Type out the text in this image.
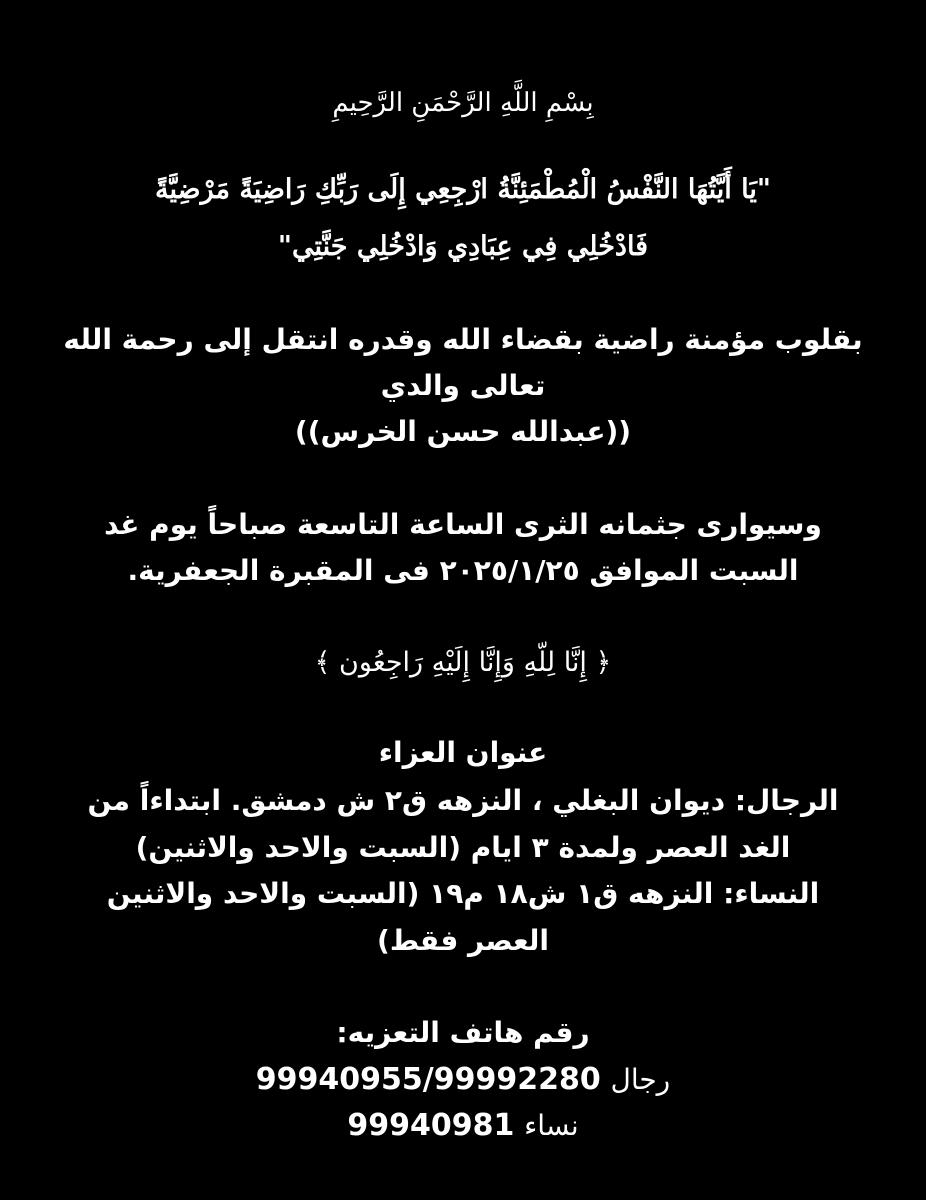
بِسْمِ اللَّهِ الرَّحْمَنِ الرَّحِيمِ
"يَا أَيَّتُهَا النَّفْسُ الْمُطْمَئِنَّةُ ارْجِعِي إِلَى رَبِّكِ رَاضِيَةً مَرْضِيَّةً
فَادْخُلِي فِي عِبَادِي وَادْخُلِي جَنَّتِي"
بقلوب مؤمنة راضية بقضاء الله وقدره انتقل إلى رحمة الله
تعالى والدي
((عبدالله حسن الخرس))
وسيوارى جثمانه الثرى الساعة التاسعة صباحاً يوم غد
السبت الموافق ٢٠٢٥/١/٢٥ فى المقبرة الجعفرية.
﴿ إِنَّا لِلّهِ وَإِنَّا إِلَيْهِ رَاجِعُون ﴾
عنوان العزاء
الرجال: ديوان البغلي ، النزهه ق٢ ش دمشق. ابتداءاً من
الغد العصر ولمدة ٣ ايام (السبت والاحد والاثنين)
النساء: النزهه ق١ ش١٨ م١٩ (السبت والاحد والاثنين
العصر فقط)
رقم هاتف التعزيه:
رجال 99940955/99992280
نساء 99940981
